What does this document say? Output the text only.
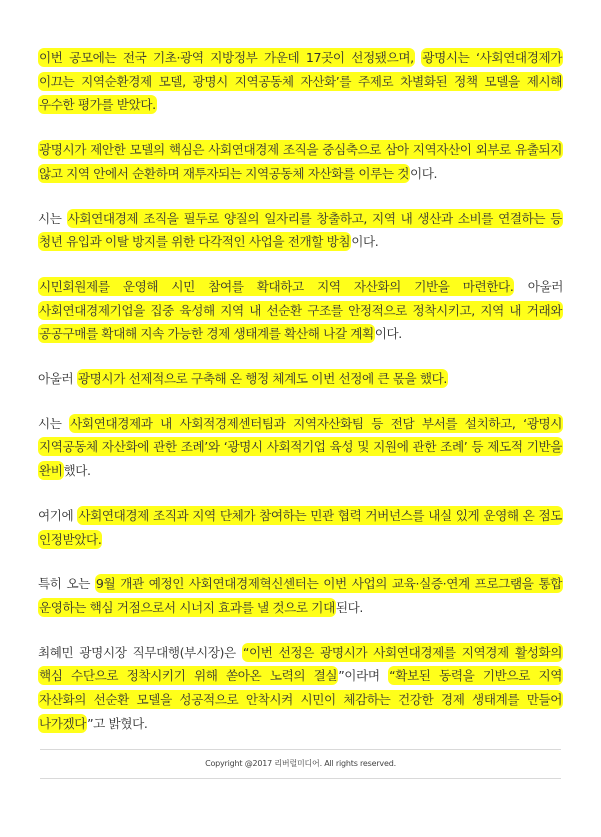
이번 공모에는 전국 기초·광역 지방정부 가운데 17곳이 선정됐으며, 광명시는 ‘사회연대경제가 이끄는 지역순환경제 모델, 광명시 지역공동체 자산화’를 주제로 차별화된 정책 모델을 제시해 우수한 평가를 받았다.

광명시가 제안한 모델의 핵심은 사회연대경제 조직을 중심축으로 삼아 지역자산이 외부로 유출되지 않고 지역 안에서 순환하며 재투자되는 지역공동체 자산화를 이루는 것이다.

시는 사회연대경제 조직을 필두로 양질의 일자리를 창출하고, 지역 내 생산과 소비를 연결하는 등 청년 유입과 이탈 방지를 위한 다각적인 사업을 전개할 방침이다.

시민회원제를 운영해 시민 참여를 확대하고 지역 자산화의 기반을 마련한다. 아울러 사회연대경제기업을 집중 육성해 지역 내 선순환 구조를 안정적으로 정착시키고, 지역 내 거래와 공공구매를 확대해 지속 가능한 경제 생태계를 확산해 나갈 계획이다.

아울러 광명시가 선제적으로 구축해 온 행정 체계도 이번 선정에 큰 몫을 했다.

시는 사회연대경제과 내 사회적경제센터팀과 지역자산화팀 등 전담 부서를 설치하고, ‘광명시 지역공동체 자산화에 관한 조례’와 ‘광명시 사회적기업 육성 및 지원에 관한 조례’ 등 제도적 기반을 완비했다.

여기에 사회연대경제 조직과 지역 단체가 참여하는 민관 협력 거버넌스를 내실 있게 운영해 온 점도 인정받았다.

특히 오는 9월 개관 예정인 사회연대경제혁신센터는 이번 사업의 교육·실증·연계 프로그램을 통합 운영하는 핵심 거점으로서 시너지 효과를 낼 것으로 기대된다.

최혜민 광명시장 직무대행(부시장)은 “이번 선정은 광명시가 사회연대경제를 지역경제 활성화의 핵심 수단으로 정착시키기 위해 쏟아온 노력의 결실”이라며 “확보된 동력을 기반으로 지역 자산화의 선순환 모델을 성공적으로 안착시켜 시민이 체감하는 건강한 경제 생태계를 만들어 나가겠다”고 밝혔다.

Copyright @2017 리버럴미디어. All rights reserved.
